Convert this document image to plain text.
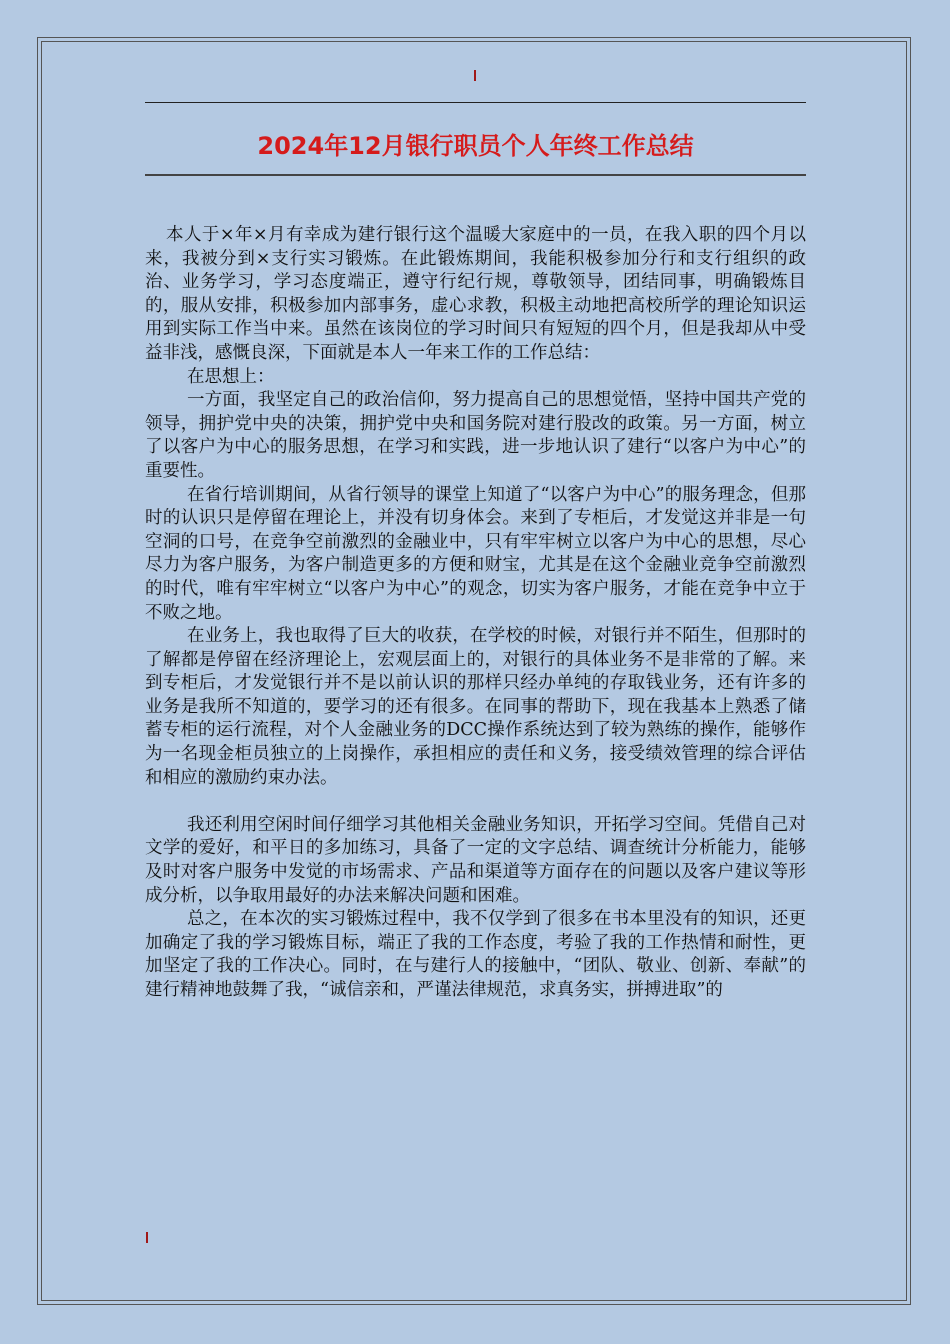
2024年12月银行职员个人年终工作总结

本人于×年×月有幸成为建行银行这个温暖大家庭中的一员，在我入职的四个月以来，我被分到×支行实习锻炼。在此锻炼期间，我能积极参加分行和支行组织的政治、业务学习，学习态度端正，遵守行纪行规，尊敬领导，团结同事，明确锻炼目的，服从安排，积极参加内部事务，虚心求教，积极主动地把高校所学的理论知识运用到实际工作当中来。虽然在该岗位的学习时间只有短短的四个月，但是我却从中受益非浅，感慨良深，下面就是本人一年来工作的工作总结：

在思想上：

一方面，我坚定自己的政治信仰，努力提高自己的思想觉悟，坚持中国共产党的领导，拥护党中央的决策，拥护党中央和国务院对建行股改的政策。另一方面，树立了以客户为中心的服务思想，在学习和实践，进一步地认识了建行“以客户为中心”的重要性。

在省行培训期间，从省行领导的课堂上知道了“以客户为中心”的服务理念，但那时的认识只是停留在理论上，并没有切身体会。来到了专柜后，才发觉这并非是一句空洞的口号，在竞争空前激烈的金融业中，只有牢牢树立以客户为中心的思想，尽心尽力为客户服务，为客户制造更多的方便和财宝，尤其是在这个金融业竞争空前激烈的时代，唯有牢牢树立“以客户为中心”的观念，切实为客户服务，才能在竞争中立于不败之地。

在业务上，我也取得了巨大的收获，在学校的时候，对银行并不陌生，但那时的了解都是停留在经济理论上，宏观层面上的，对银行的具体业务不是非常的了解。来到专柜后，才发觉银行并不是以前认识的那样只经办单纯的存取钱业务，还有许多的业务是我所不知道的，要学习的还有很多。在同事的帮助下，现在我基本上熟悉了储蓄专柜的运行流程，对个人金融业务的DCC操作系统达到了较为熟练的操作，能够作为一名现金柜员独立的上岗操作，承担相应的责任和义务，接受绩效管理的综合评估和相应的激励约束办法。

我还利用空闲时间仔细学习其他相关金融业务知识，开拓学习空间。凭借自己对文学的爱好，和平日的多加练习，具备了一定的文字总结、调查统计分析能力，能够及时对客户服务中发觉的市场需求、产品和渠道等方面存在的问题以及客户建议等形成分析，以争取用最好的办法来解决问题和困难。

总之，在本次的实习锻炼过程中，我不仅学到了很多在书本里没有的知识，还更加确定了我的学习锻炼目标，端正了我的工作态度，考验了我的工作热情和耐性，更加坚定了我的工作决心。同时，在与建行人的接触中，“团队、敬业、创新、奉献”的建行精神地鼓舞了我，“诚信亲和，严谨法律规范，求真务实，拼搏进取”的
